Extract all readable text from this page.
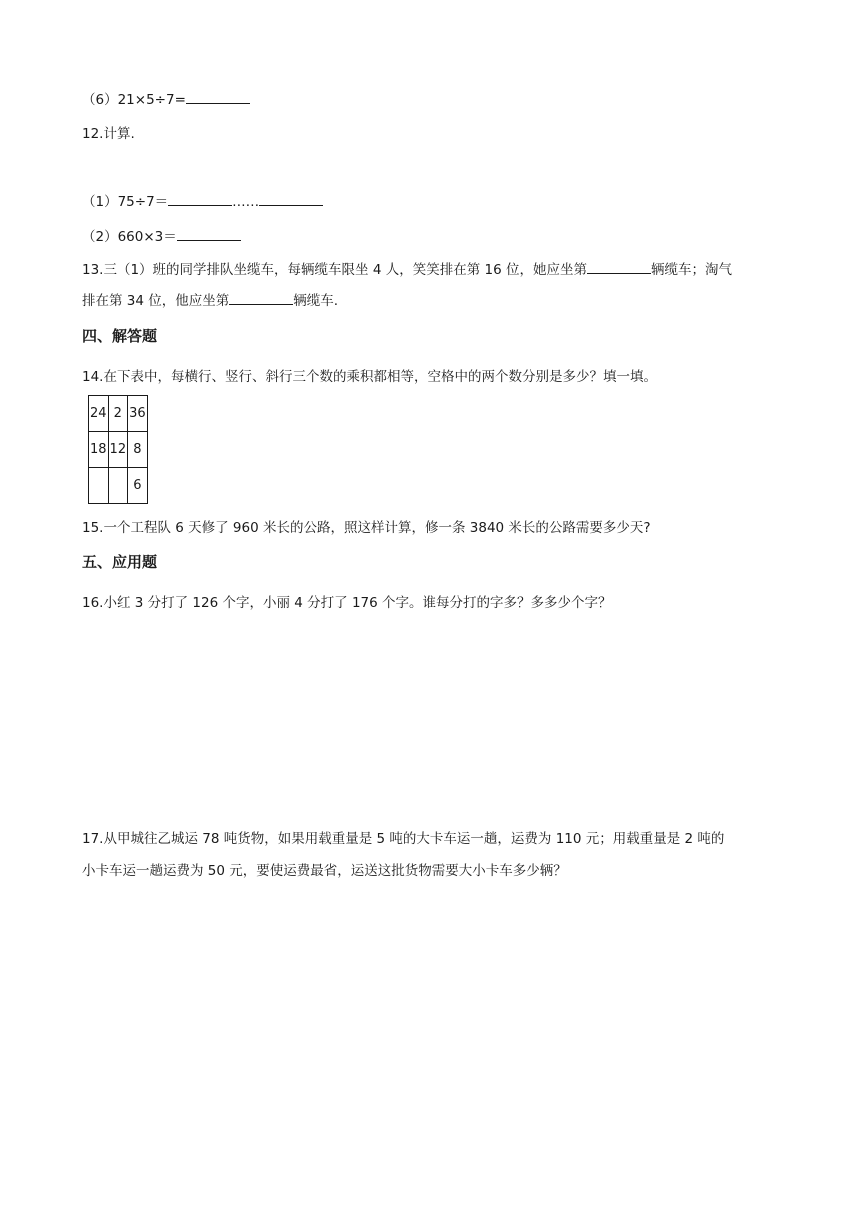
（6）21×5÷7=
12.计算.
（1）75÷7＝	……
（2）660×3＝
13.三（1）班的同学排队坐缆车，每辆缆车限坐 4 人，笑笑排在第 16 位，她应坐第	辆缆车；淘气
排在第 34 位，他应坐第	辆缆车.
四、解答题
14.在下表中，每横行、竖行、斜行三个数的乘积都相等，空格中的两个数分别是多少？填一填。
24	2	36
18	12	8
		6
15.一个工程队 6 天修了 960 米长的公路，照这样计算，修一条 3840 米长的公路需要多少天?
五、应用题
16.小红 3 分打了 126 个字，小丽 4 分打了 176 个字。谁每分打的字多？多多少个字？
17.从甲城往乙城运 78 吨货物，如果用载重量是 5 吨的大卡车运一趟，运费为 110 元；用载重量是 2 吨的
小卡车运一趟运费为 50 元，要使运费最省，运送这批货物需要大小卡车多少辆？
